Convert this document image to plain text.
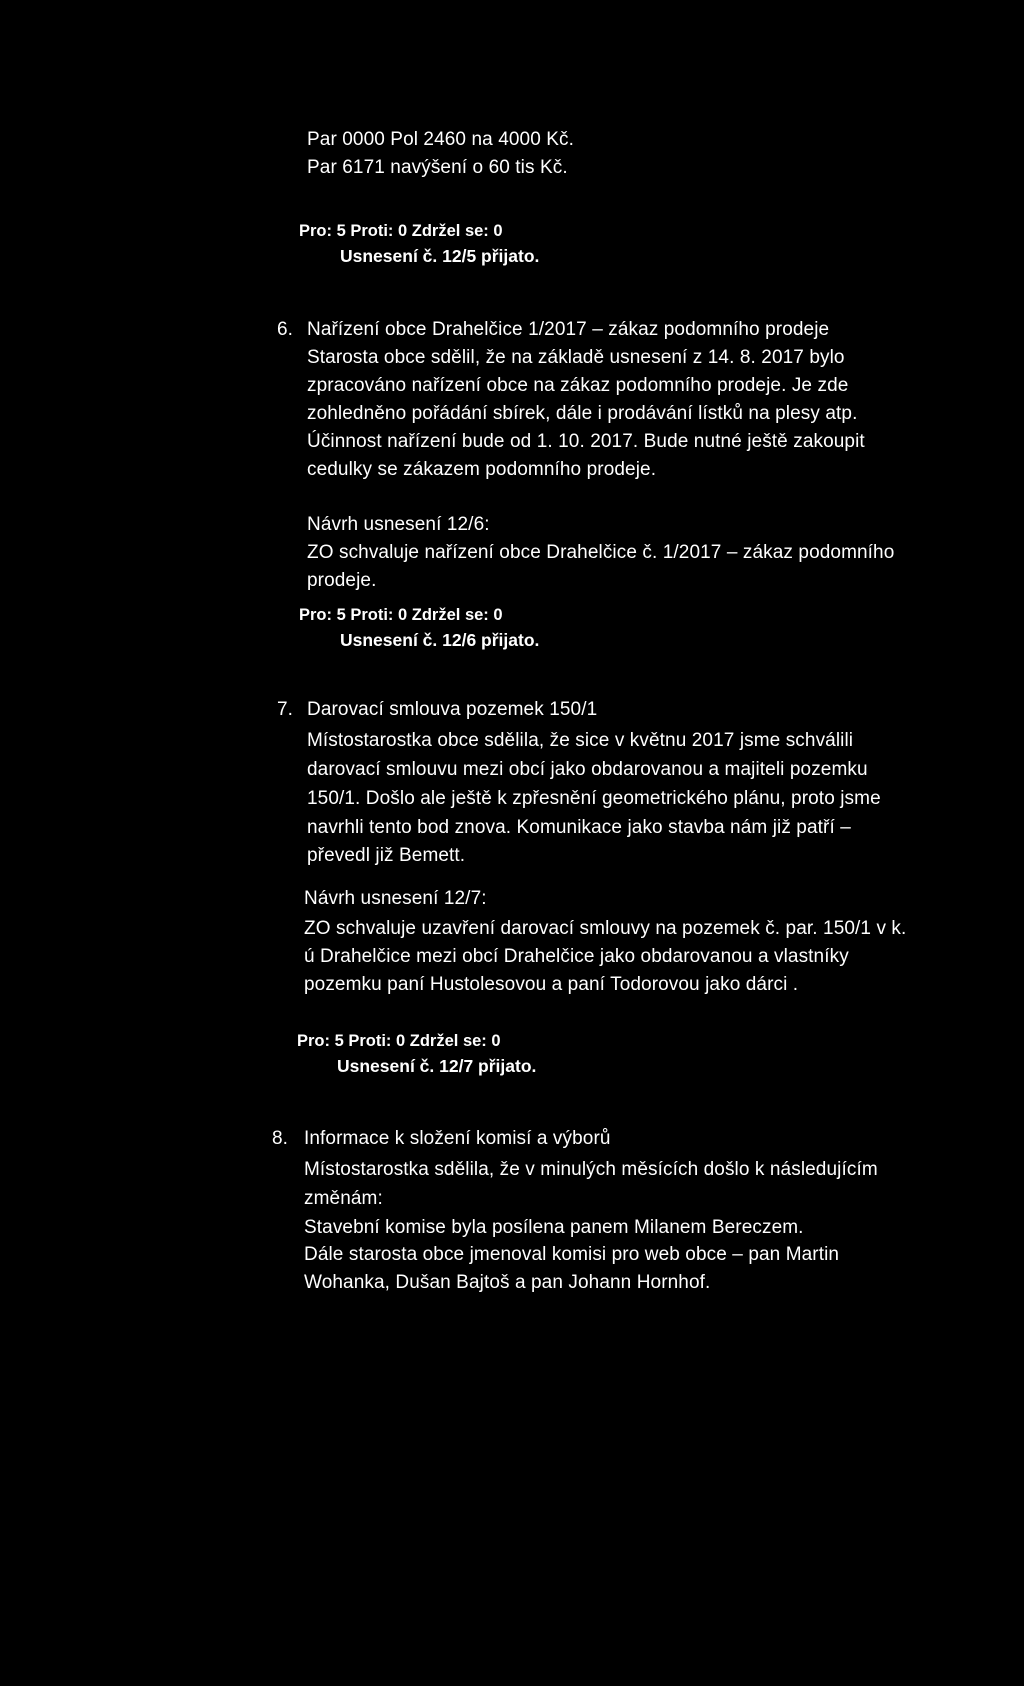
Par 0000 Pol 2460 na 4000 Kč.
Par 6171 navýšení o 60 tis Kč.
Pro: 5 Proti: 0 Zdržel se: 0
Usnesení č. 12/5 přijato.
6. Nařízení obce Drahelčice 1/2017 – zákaz podomního prodeje
Starosta obce sdělil, že na základě usnesení z 14. 8. 2017 bylo
zpracováno nařízení obce na zákaz podomního prodeje. Je zde
zohledněno pořádání sbírek, dále i prodávání lístků na plesy atp.
Účinnost nařízení bude od 1. 10. 2017. Bude nutné ještě zakoupit
cedulky se zákazem podomního prodeje.
Návrh usnesení 12/6:
ZO schvaluje nařízení obce Drahelčice č. 1/2017 – zákaz podomního
prodeje.
Pro: 5 Proti: 0 Zdržel se: 0
Usnesení č. 12/6 přijato.
7. Darovací smlouva pozemek 150/1
Místostarostka obce sdělila, že sice v květnu 2017 jsme schválili
darovací smlouvu mezi obcí jako obdarovanou a majiteli pozemku
150/1. Došlo ale ještě k zpřesnění geometrického plánu, proto jsme
navrhli tento bod znova. Komunikace jako stavba nám již patří –
převedl již Bemett.
Návrh usnesení 12/7:
ZO schvaluje uzavření darovací smlouvy na pozemek č. par. 150/1 v k.
ú Drahelčice mezi obcí Drahelčice jako obdarovanou a vlastníky
pozemku paní Hustolesovou a paní Todorovou jako dárci .
Pro: 5 Proti: 0 Zdržel se: 0
Usnesení č. 12/7 přijato.
8. Informace k složení komisí a výborů
Místostarostka sdělila, že v minulých měsících došlo k následujícím
změnám:
Stavební komise byla posílena panem Milanem Bereczem.
Dále starosta obce jmenoval komisi pro web obce – pan Martin
Wohanka, Dušan Bajtoš a pan Johann Hornhof.
